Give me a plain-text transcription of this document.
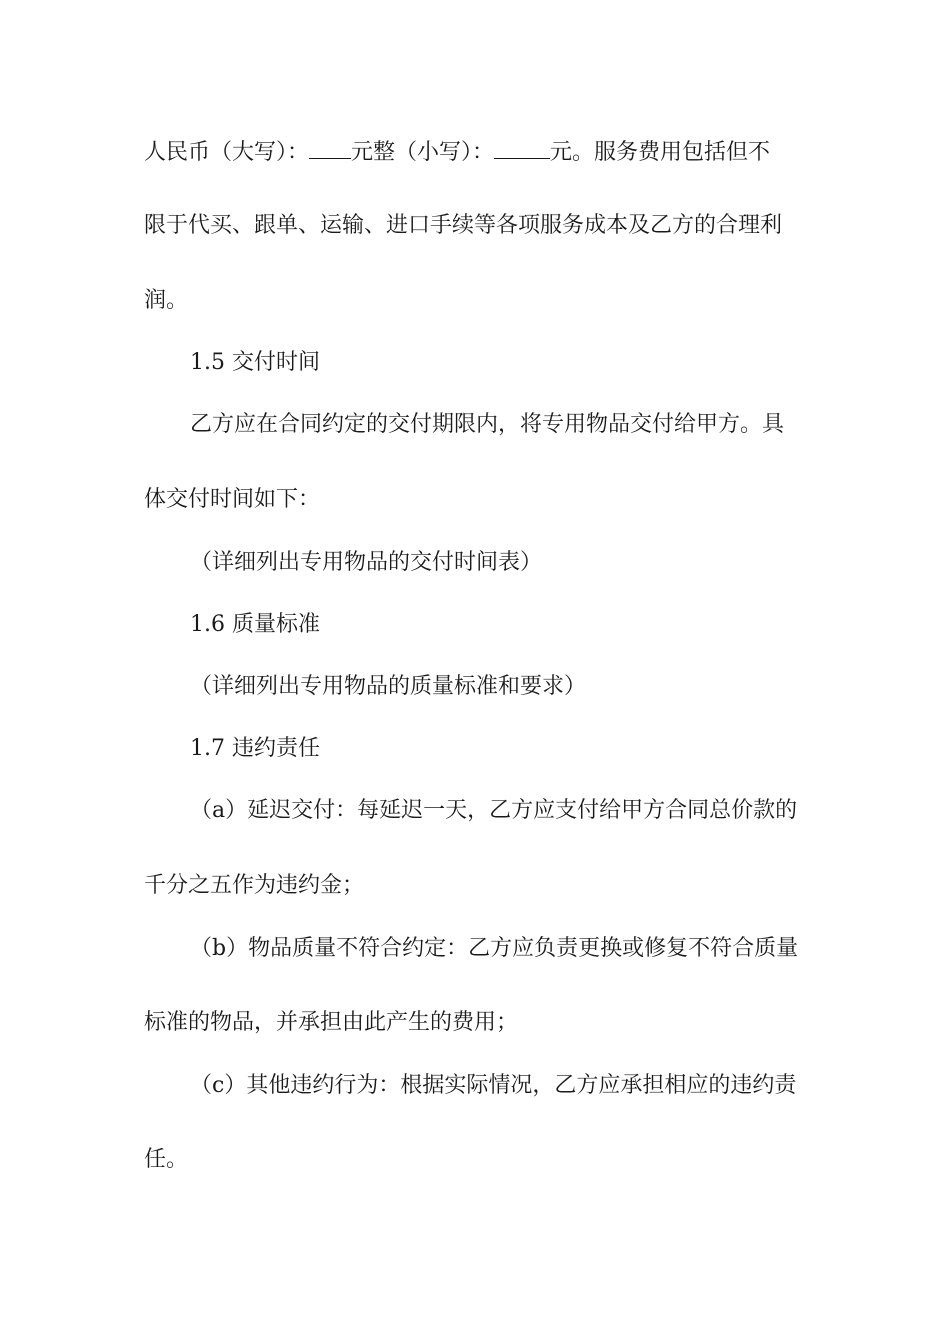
人民币（大写）： 元整（小写）：	元。服务费用包括但不
限于代买、跟单、运输、进口手续等各项服务成本及乙方的合理利
润。
1.5 交付时间
乙方应在合同约定的交付期限内，将专用物品交付给甲方。具
体交付时间如下：
（详细列出专用物品的交付时间表）
1.6 质量标准
（详细列出专用物品的质量标准和要求）
1.7 违约责任
（a）延迟交付：每延迟一天，乙方应支付给甲方合同总价款的
千分之五作为违约金；
（b）物品质量不符合约定：乙方应负责更换或修复不符合质量
标准的物品，并承担由此产生的费用；
（c）其他违约行为：根据实际情况，乙方应承担相应的违约责
任。
